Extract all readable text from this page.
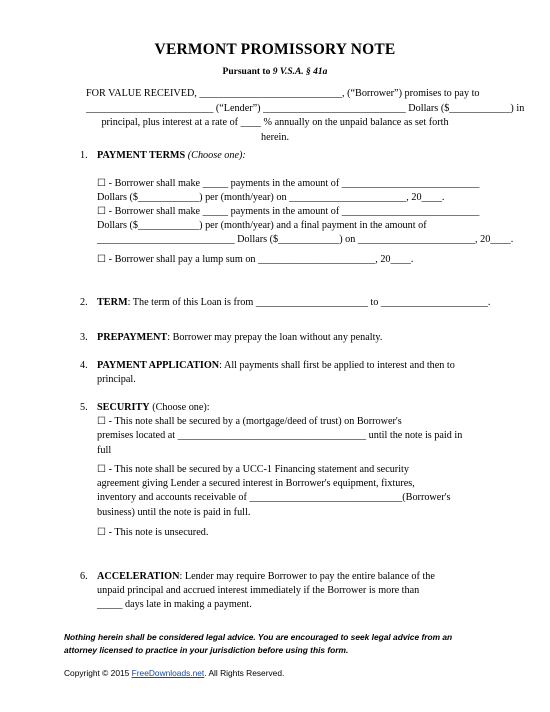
VERMONT PROMISSORY NOTE
Pursuant to 9 V.S.A. § 41a
FOR VALUE RECEIVED, ____________________________, (“Borrower”) promises to pay to
_________________________ (“Lender”) ____________________________ Dollars ($____________) in
principal, plus interest at a rate of ____ % annually on the unpaid balance as set forth
herein.
1. PAYMENT TERMS (Choose one):
☐ - Borrower shall make _____ payments in the amount of ___________________________
Dollars ($____________) per (month/year) on _______________________, 20____.
☐ - Borrower shall make _____ payments in the amount of ___________________________
Dollars ($____________) per (month/year) and a final payment in the amount of
___________________________ Dollars ($____________) on _______________________, 20____.
☐ - Borrower shall pay a lump sum on _______________________, 20____.
2. TERM: The term of this Loan is from ______________________ to _____________________.
3. PREPAYMENT: Borrower may prepay the loan without any penalty.
4. PAYMENT APPLICATION: All payments shall first be applied to interest and then to
principal.
5. SECURITY (Choose one):
☐ - This note shall be secured by a (mortgage/deed of trust) on Borrower's
premises located at _____________________________________ until the note is paid in
full
☐ - This note shall be secured by a UCC-1 Financing statement and security
agreement giving Lender a secured interest in Borrower's equipment, fixtures,
inventory and accounts receivable of ______________________________(Borrower's
business) until the note is paid in full.
☐ - This note is unsecured.
6. ACCELERATION: Lender may require Borrower to pay the entire balance of the
unpaid principal and accrued interest immediately if the Borrower is more than
_____ days late in making a payment.
Nothing herein shall be considered legal advice. You are encouraged to seek legal advice from an
attorney licensed to practice in your jurisdiction before using this form.
Copyright © 2015 FreeDownloads.net. All Rights Reserved.
